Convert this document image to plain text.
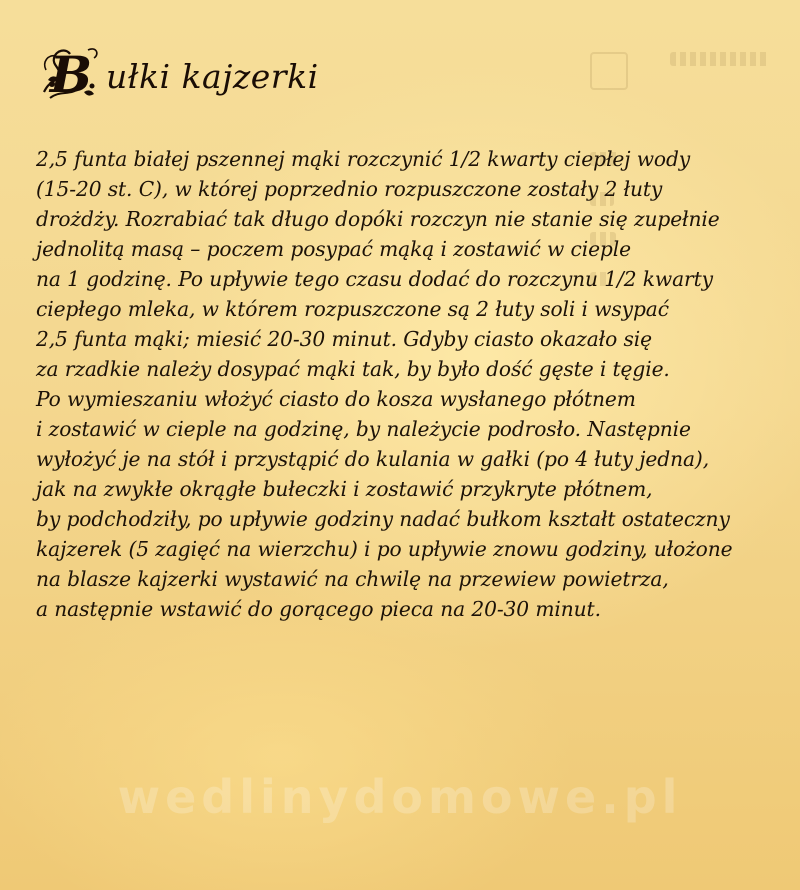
B ułki kajzerki
2,5 funta białej pszennej mąki rozczynić 1/2 kwarty ciepłej wody
(15-20 st. C), w której poprzednio rozpuszczone zostały 2 łuty
drożdży. Rozrabiać tak długo dopóki rozczyn nie stanie się zupełnie
jednolitą masą – poczem posypać mąką i zostawić w cieple
na 1 godzinę. Po upływie tego czasu dodać do rozczynu 1/2 kwarty
ciepłego mleka, w którem rozpuszczone są 2 łuty soli i wsypać
2,5 funta mąki; miesić 20-30 minut. Gdyby ciasto okazało się
za rzadkie należy dosypać mąki tak, by było dość gęste i tęgie.
Po wymieszaniu włożyć ciasto do kosza wysłanego płótnem
i zostawić w cieple na godzinę, by należycie podrosło. Następnie
wyłożyć je na stół i przystąpić do kulania w gałki (po 4 łuty jedna),
jak na zwykłe okrągłe bułeczki i zostawić przykryte płótnem,
by podchodziły, po upływie godziny nadać bułkom kształt ostateczny
kajzerek (5 zagięć na wierzchu) i po upływie znowu godziny, ułożone
na blasze kajzerki wystawić na chwilę na przewiew powietrza,
a następnie wstawić do gorącego pieca na 20-30 minut.
wedlinydomowe.pl
